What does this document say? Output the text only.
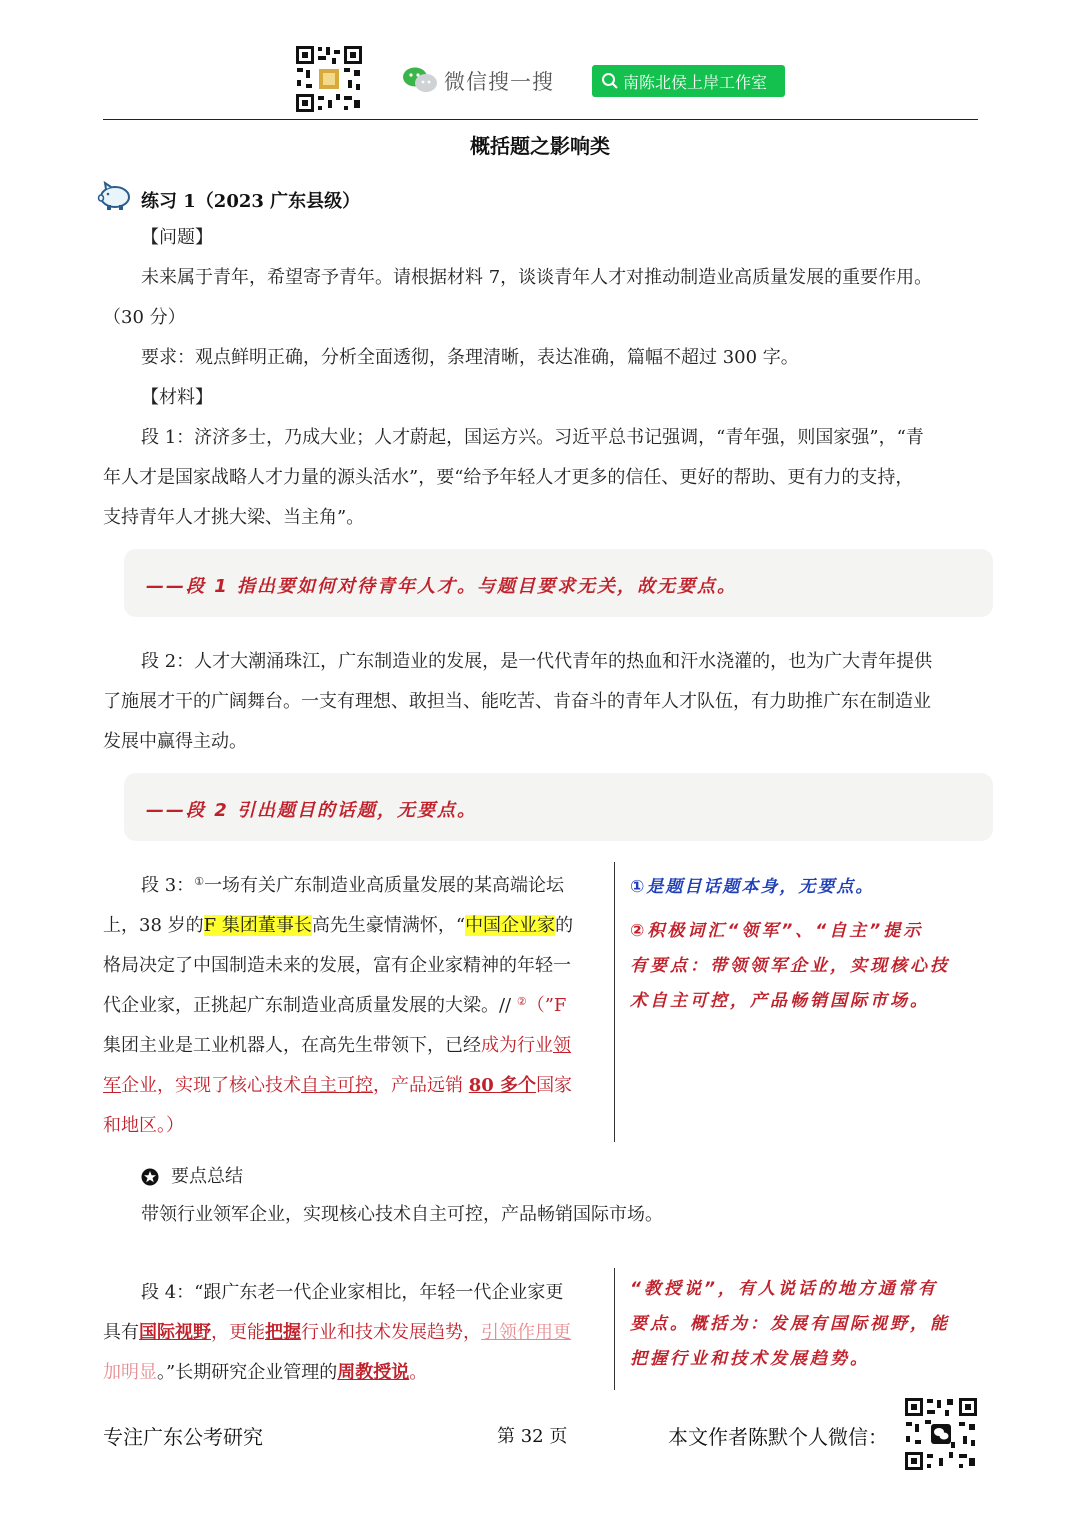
微信搜一搜	南陈北侯上岸工作室
概括题之影响类
练习 1（2023 广东县级）
【问题】
未来属于青年，希望寄予青年。请根据材料 7，谈谈青年人才对推动制造业高质量发展的重要作用。
（30 分）
要求：观点鲜明正确，分析全面透彻，条理清晰，表达准确，篇幅不超过 300 字。
【材料】
段 1：济济多士，乃成大业；人才蔚起，国运方兴。习近平总书记强调，“青年强，则国家强”，“青
年人才是国家战略人才力量的源头活水”，要“给予年轻人才更多的信任、更好的帮助、更有力的支持，
支持青年人才挑大梁、当主角”。
——段 1 指出要如何对待青年人才。与题目要求无关，故无要点。
段 2：人才大潮涌珠江，广东制造业的发展，是一代代青年的热血和汗水浇灌的，也为广大青年提供
了施展才干的广阔舞台。一支有理想、敢担当、能吃苦、肯奋斗的青年人才队伍，有力助推广东在制造业
发展中赢得主动。
——段 2 引出题目的话题，无要点。
段 3：①一场有关广东制造业高质量发展的某高端论坛
上，38 岁的F 集团董事长高先生豪情满怀，“中国企业家的
格局决定了中国制造未来的发展，富有企业家精神的年轻一
代企业家，正挑起广东制造业高质量发展的大梁。// ②（”F
集团主业是工业机器人，在高先生带领下，已经成为行业领
军企业，实现了核心技术自主可控，产品远销 80 多个国家
和地区。）
①是题目话题本身，无要点。
②积极词汇“领军”、“自主”提示
有要点：带领领军企业，实现核心技
术自主可控，产品畅销国际市场。
要点总结
带领行业领军企业，实现核心技术自主可控，产品畅销国际市场。
段 4：“跟广东老一代企业家相比，年轻一代企业家更
具有国际视野，更能把握行业和技术发展趋势，引领作用更
加明显。”长期研究企业管理的周教授说。
“教授说”，有人说话的地方通常有
要点。概括为：发展有国际视野，能
把握行业和技术发展趋势。
专注广东公考研究	第 32 页	本文作者陈默个人微信：
